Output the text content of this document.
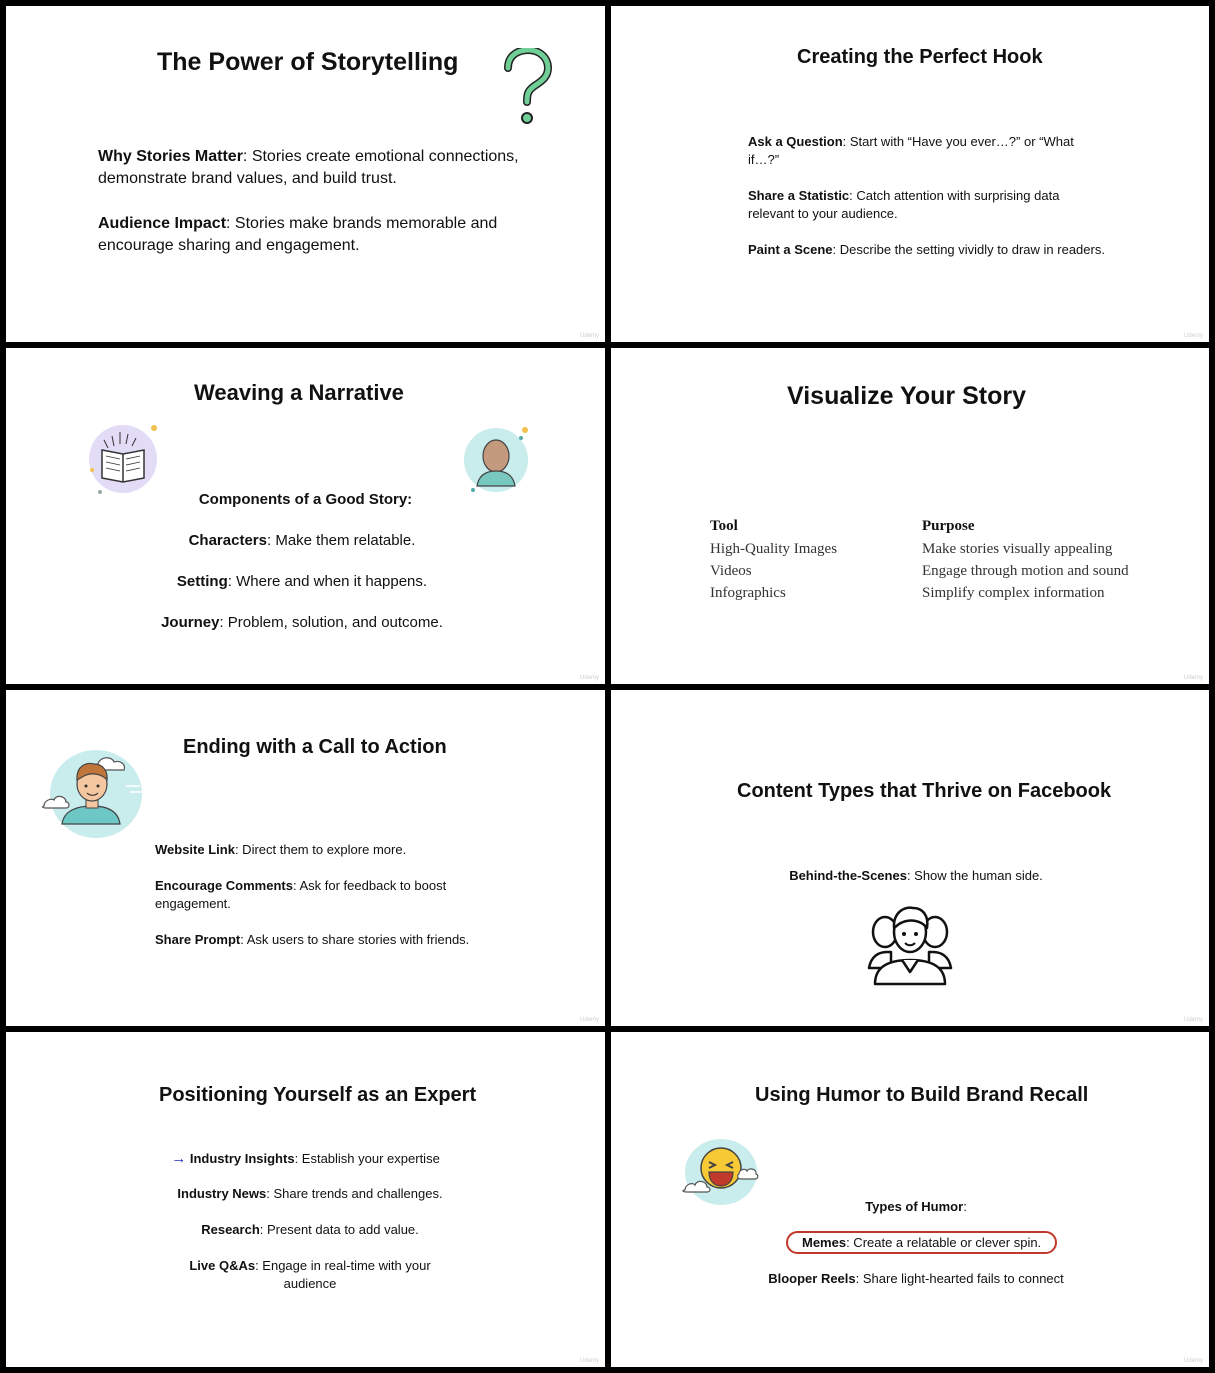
The Power of Storytelling
Why Stories Matter: Stories create emotional connections, demonstrate brand values, and build trust.
Audience Impact: Stories make brands memorable and encourage sharing and engagement.
Udemy
Creating the Perfect Hook
Ask a Question: Start with “Have you ever…?” or “What if…?”
Share a Statistic: Catch attention with surprising data relevant to your audience.
Paint a Scene: Describe the setting vividly to draw in readers.
Udemy
Weaving a Narrative
Components of a Good Story:
Characters: Make them relatable.
Setting: Where and when it happens.
Journey: Problem, solution, and outcome.
Udemy
Visualize Your Story
Tool	Purpose
High-Quality Images	Make stories visually appealing
Videos	Engage through motion and sound
Infographics	Simplify complex information
Udemy
Ending with a Call to Action
Website Link: Direct them to explore more.
Encourage Comments: Ask for feedback to boost engagement.
Share Prompt: Ask users to share stories with friends.
Udemy
Content Types that Thrive on Facebook
Behind-the-Scenes: Show the human side.
Udemy
Positioning Yourself as an Expert
→ Industry Insights: Establish your expertise
Industry News: Share trends and challenges.
Research: Present data to add value.
Live Q&As: Engage in real-time with your audience
Udemy
Using Humor to Build Brand Recall
Types of Humor:
Memes: Create a relatable or clever spin.
Blooper Reels: Share light-hearted fails to connect
Udemy
